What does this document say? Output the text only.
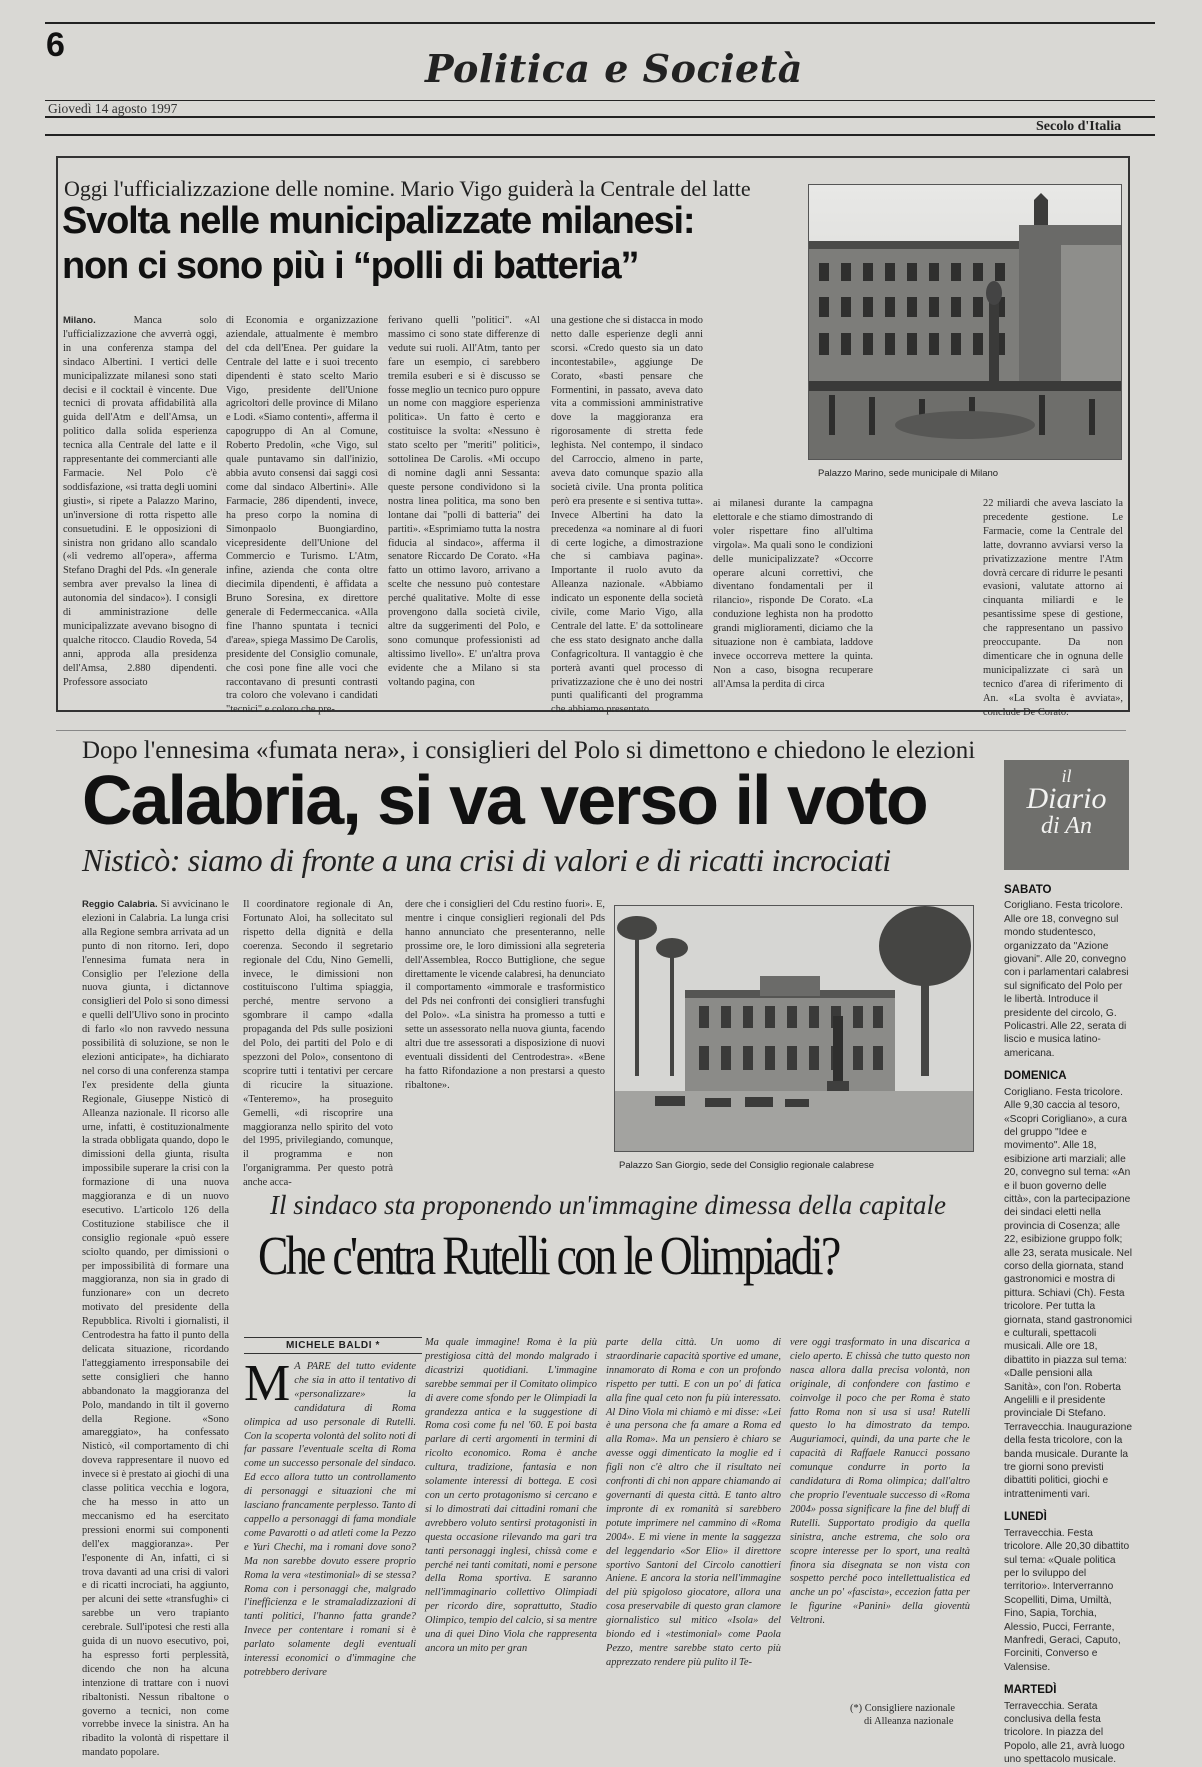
6
Politica e Società
Giovedì 14 agosto 1997
Secolo d'Italia
Oggi l'ufficializzazione delle nomine. Mario Vigo guiderà la Centrale del latte
Svolta nelle municipalizzate milanesi:
non ci sono più i “polli di batteria”

Milano.	Manca solo l'ufficializzazione che avverrà oggi, in una conferenza stampa del sindaco Albertini. I vertici delle municipalizzate milanesi sono stati decisi e il cocktail è vincente. Due tecnici di provata affidabilità alla guida dell'Atm e dell'Amsa, un politico dalla solida esperienza tecnica alla Centrale del latte e il rappresentante dei commercianti alle Farmacie. Nel Polo c'è soddisfazione, «si tratta degli uomini giusti», si ripete a Palazzo Marino, un'inversione di rotta rispetto alle consuetudini. E le opposizioni di sinistra non gridano allo scandalo («li vedremo all'opera», afferma Stefano Draghi del Pds. «In generale sembra aver prevalso la linea di autonomia del sindaco»). I consigli di amministrazione delle municipalizzate avevano bisogno di qualche ritocco. Claudio Roveda, 54 anni, approda alla presidenza dell'Amsa, 2.880 dipendenti. Professore associato

di Economia e organizzazione aziendale, attualmente è membro del cda dell'Enea. Per guidare la Centrale del latte e i suoi trecento dipendenti è stato scelto Mario Vigo, presidente dell'Unione agricoltori delle province di Milano e Lodi. «Siamo contenti», afferma il capogruppo di An al Comune, Roberto Predolin, «che Vigo, sul quale puntavamo sin dall'inizio, abbia avuto consensi dai saggi così come dal sindaco Albertini». Alle Farmacie, 286 dipendenti, invece, ha preso corpo la nomina di Simonpaolo Buongiardino, vicepresidente dell'Unione del Commercio e Turismo. L'Atm, infine, azienda che conta oltre diecimila dipendenti, è affidata a Bruno Soresina, ex direttore generale di Federmeccanica. «Alla fine l'hanno spuntata i tecnici d'area», spiega Massimo De Carolis, presidente del Consiglio comunale, che così pone fine alle voci che raccontavano di presunti contrasti tra coloro che volevano i candidati "tecnici" e coloro che pre-

ferivano quelli "politici". «Al massimo ci sono state differenze di vedute sui ruoli. All'Atm, tanto per fare un esempio, ci sarebbero tremila esuberi e si è discusso se fosse meglio un tecnico puro oppure un nome con maggiore esperienza politica». Un fatto è certo e costituisce la svolta: «Nessuno è stato scelto per "meriti" politici», sottolinea De Carolis. «Mi occupo di nomine dagli anni Sessanta: queste persone condividono sì la nostra linea politica, ma sono ben lontane dai "polli di batteria" dei partiti». «Esprimiamo tutta la nostra fiducia al sindaco», afferma il senatore Riccardo De Corato. «Ha fatto un ottimo lavoro, arrivano a scelte che nessuno può contestare perché qualitative. Molte di esse provengono dalla società civile, altre da suggerimenti del Polo, e sono comunque professionisti ad altissimo livello». E' un'altra prova evidente che a Milano si sta voltando pagina, con

una gestione che si distacca in modo netto dalle esperienze degli anni scorsi. «Credo questo sia un dato incontestabile», aggiunge De Corato, «basti pensare che Formentini, in passato, aveva dato vita a commissioni amministrative dove la maggioranza era rigorosamente di stretta fede leghista. Nel contempo, il sindaco del Carroccio, almeno in parte, aveva dato comunque spazio alla società civile. Una pronta politica però era presente e si sentiva tutta». Invece Albertini ha dato la precedenza «a nominare al di fuori di certe logiche, a dimostrazione che si cambiava pagina». Importante il ruolo avuto da Alleanza nazionale. «Abbiamo indicato un esponente della società civile, come Mario Vigo, alla Centrale del latte. E' da sottolineare che ess stato designato anche dalla Confagricoltura. Il vantaggio è che porterà avanti quel processo di privatizzazione che è uno dei nostri punti qualificanti del programma che abbiamo presentato

ai milanesi durante la campagna elettorale e che stiamo dimostrando di voler rispettare fino all'ultima virgola». Ma quali sono le condizioni delle municipalizzate? «Occorre operare alcuni correttivi, che diventano fondamentali per il rilancio», risponde De Corato. «La conduzione leghista non ha prodotto grandi miglioramenti, diciamo che la situazione non è cambiata, laddove invece occorreva mettere la quinta. Non a caso, bisogna recuperare all'Amsa la perdita di circa

22 miliardi che aveva lasciato la precedente gestione. Le Farmacie, come la Centrale del latte, dovranno avviarsi verso la privatizzazione mentre l'Atm dovrà cercare di ridurre le pesanti evasioni, valutate attorno ai cinquanta miliardi e le pesantissime spese di gestione, che rappresentano un passivo preoccupante. Da non dimenticare che in ognuna delle municipalizzate ci sarà un tecnico d'area di riferimento di An. «La svolta è avviata», conclude De Corato.

Palazzo Marino, sede municipale di Milano
Dopo l'ennesima «fumata nera», i consiglieri del Polo si dimettono e chiedono le elezioni
Calabria, si va verso il voto
Nisticò: siamo di fronte a una crisi di valori e di ricatti incrociati

Reggio Calabria. Si avvicinano le elezioni in Calabria. La lunga crisi alla Regione sembra arrivata ad un punto di non ritorno. Ieri, dopo l'ennesima fumata nera in Consiglio per l'elezione della nuova giunta, i dictannove consiglieri del Polo si sono dimessi e quelli dell'Ulivo sono in procinto di farlo «lo non ravvedo nessuna possibilità di soluzione, se non le elezioni anticipate», ha dichiarato nel corso di una conferenza stampa l'ex presidente della giunta Regionale, Giuseppe Nisticò di Alleanza nazionale. Il ricorso alle urne, infatti, è costituzionalmente la strada obbligata quando, dopo le dimissioni della giunta, risulta impossibile superare la crisi con la formazione di una nuova maggioranza e di un nuovo esecutivo. L'articolo 126 della Costituzione stabilisce che il consiglio regionale «può essere sciolto quando, per dimissioni o per impossibilità di formare una maggioranza, non sia in grado di funzionare» con un decreto motivato del presidente della Repubblica. Rivolti i giornalisti, il Centrodestra ha fatto il punto della delicata situazione, ricordando l'atteggiamento irresponsabile dei sette consiglieri che hanno abbandonato la maggioranza del Polo, mandando in tilt il governo della Regione. «Sono amareggiato», ha confessato Nisticò, «il comportamento di chi doveva rappresentare il nuovo ed invece si è prestato ai giochi di una classe politica vecchia e logora, che ha messo in atto un meccanismo ed ha esercitato pressioni enormi sui componenti dell'ex maggioranza». Per l'esponente di An, infatti, ci si trova davanti ad una crisi di valori e di ricatti incrociati, ha aggiunto, per alcuni dei sette «transfughi» ci sarebbe un vero trapianto cerebrale. Sull'ipotesi che resti alla guida di un nuovo esecutivo, poi, ha espresso forti perplessità, dicendo che non ha alcuna intenzione di trattare con i nuovi ribaltonisti. Nessun ribaltone o governo a tecnici, non come vorrebbe invece la sinistra. An ha ribadito la volontà di rispettare il mandato popolare.

Il coordinatore regionale di An, Fortunato Aloi, ha sollecitato sul rispetto della dignità e della coerenza. Secondo il segretario regionale del Cdu, Nino Gemelli, invece, le dimissioni non costituiscono l'ultima spiaggia, perché, mentre servono a sgombrare il campo «dalla propaganda del Pds sulle posizioni del Polo, dei partiti del Polo e di spezzoni del Polo», consentono di scoprire tutti i tentativi per cercare di ricucire la situazione. «Tenteremo», ha proseguito Gemelli, «di riscoprire una maggioranza nello spirito del voto del 1995, privilegiando, comunque, il programma e non l'organigramma. Per questo potrà anche acca-

dere che i consiglieri del Cdu restino fuori». E, mentre i cinque consiglieri regionali del Pds hanno annunciato che presenteranno, nelle prossime ore, le loro dimissioni alla segreteria dell'Assemblea, Rocco Buttiglione, che segue direttamente le vicende calabresi, ha denunciato il comportamento «immorale e trasformistico del Pds nei confronti dei consiglieri transfughi del Polo». «La sinistra ha promesso a tutti e sette un assessorato nella nuova giunta, facendo altri due tre assessorati a disposizione di nuovi eventuali dissidenti del Centrodestra». «Bene ha fatto Rifondazione a non prestarsi a questo ribaltone».

Palazzo San Giorgio, sede del Consiglio regionale calabrese
il
Diario
di An
SABATO

Corigliano. Festa tricolore. Alle ore 18, convegno sul mondo studentesco, organizzato da "Azione giovani". Alle 20, convegno con i parlamentari calabresi sul significato del Polo per le libertà. Introduce il presidente del circolo, G. Policastri. Alle 22, serata di liscio e musica latino-americana.

DOMENICA

Corigliano. Festa tricolore. Alle 9,30 caccia al tesoro, «Scopri Corigliano», a cura del gruppo "Idee e movimento". Alle 18, esibizione arti marziali; alle 20, convegno sul tema: «An e il buon governo delle città», con la partecipazione dei sindaci eletti nella provincia di Cosenza; alle 22, esibizione gruppo folk; alle 23, serata musicale. Nel corso della giornata, stand gastronomici e mostra di pittura. Schiavi (Ch). Festa tricolore. Per tutta la giornata, stand gastronomici e culturali, spettacoli musicali. Alle ore 18, dibattito in piazza sul tema: «Dalle pensioni alla Sanità», con l'on. Roberta Angelilli e il presidente provinciale Di Stefano. Terravecchia. Inaugurazione della festa tricolore, con la banda musicale. Durante la tre giorni sono previsti dibattiti politici, giochi e intrattenimenti vari.

LUNEDÌ

Terravecchia. Festa tricolore. Alle 20,30 dibattito sul tema: «Quale politica per lo sviluppo del territorio». Interverranno Scopelliti, Dima, Umiltà, Fino, Sapia, Torchia, Alessio, Pucci, Ferrante, Manfredi, Geraci, Caputo, Forciniti, Converso e Valensise.

MARTEDÌ

Terravecchia. Serata conclusiva della festa tricolore. In piazza del Popolo, alle 21, avrà luogo uno spettacolo musicale.

Il sindaco sta proponendo un'immagine dimessa della capitale
Che c'entra Rutelli con le Olimpiadi?
MICHELE BALDI *
M A PARE del tutto evidente che sia in atto il tentativo di «personalizzare» la candidatura di Roma olimpica ad uso personale di Rutelli. Con la scoperta volontà del solito noti di far passare l'eventuale scelta di Roma come un successo personale del sindaco. Ed ecco allora tutto un controllamento di personaggi e situazioni che mi lasciano francamente perplesso. Tanto di cappello a personaggi di fama mondiale come Pavarotti o ad atleti come la Pezzo e Yuri Chechi, ma i romani dove sono? Ma non sarebbe dovuto essere proprio Roma la vera «testimonial» di se stessa? Roma con i personaggi che, malgrado l'inefficienza e le stramaladizzazioni di tanti politici, l'hanno fatta grande? Invece per contentare i romani si è parlato solamente degli eventuali interessi economici o d'immagine che potrebbero derivare

Ma quale immagine! Roma è la più prestigiosa città del mondo malgrado i dicastrizi quotidiani. L'immagine sarebbe semmai per il Comitato olimpico di avere come sfondo per le Olimpiadi la grandezza antica e la suggestione di Roma così come fu nel '60. E poi basta parlare di certi argomenti in termini di ricolto economico. Roma è anche cultura, tradizione, fantasia e non solamente interessi di bottega. E così con un certo protagonismo si cercano e si lo dimostrati dai cittadini romani che avrebbero voluto sentirsi protagonisti in questa occasione rilevando ma gari tra tanti personaggi inglesi, chissà come e perché nei tanti comitati, nomi e persone della Roma sportiva. E saranno nell'immaginario collettivo Olimpiadi per ricordo dire, soprattutto, Stadio Olimpico, tempio del calcio, si sa mentre una di quei Dino Viola che rappresenta ancora un mito per gran

parte della città. Un uomo di straordinarie capacità sportive ed umane, innamorato di Roma e con un profondo rispetto per tutti. E con un po' di fatica alla fine qual ceto non fu più interessato. Al Dino Viola mi chiamò e mi disse: «Lei è una persona che fa amare a Roma ed alla Roma». Ma un pensiero è chiaro se avesse oggi dimenticato la moglie ed i figli non c'è altro che il risultato nei confronti di chi non appare chiamando ai governanti di questa città. E tanto altro impronte di ex romanità si sarebbero potute imprimere nel cammino di «Roma 2004». E mi viene in mente la saggezza del leggendario «Sor Elio» il direttore sportivo Santoni del Circolo canottieri Aniene. E ancora la storia nell'immagine del più spigoloso giocatore, allora una cosa preservabile di questo gran clamore giornalistico sul mitico «Isola» del biondo ed i «testimonial» come Paola Pezzo, mentre sarebbe stato certo più apprezzato rendere più pulito il Te-

vere oggi trasformato in una discarica a cielo aperto. E chissà che tutto questo non nasca allora dalla precisa volontà, non originale, di confondere con fastimo e coinvolge il poco che per Roma è stato fatto Roma non si usa si usa! Rutelli questo lo ha dimostrato da tempo. Auguriamoci, quindi, da una parte che le capacità di Raffaele Ranucci possano comunque condurre in porto la candidatura di Roma olimpica; dall'altro che proprio l'eventuale successo di «Roma 2004» possa significare la fine del bluff di Rutelli. Supportato prodigio da quella sinistra, anche estrema, che solo ora scopre interesse per lo sport, una realtà finora sia disegnata se non vista con sospetto perché poco intellettualistica ed anche un po' «fascista», eccezion fatta per le figurine «Panini» della gioventù Veltroni.

(*) Consigliere nazionale
di Alleanza nazionale
